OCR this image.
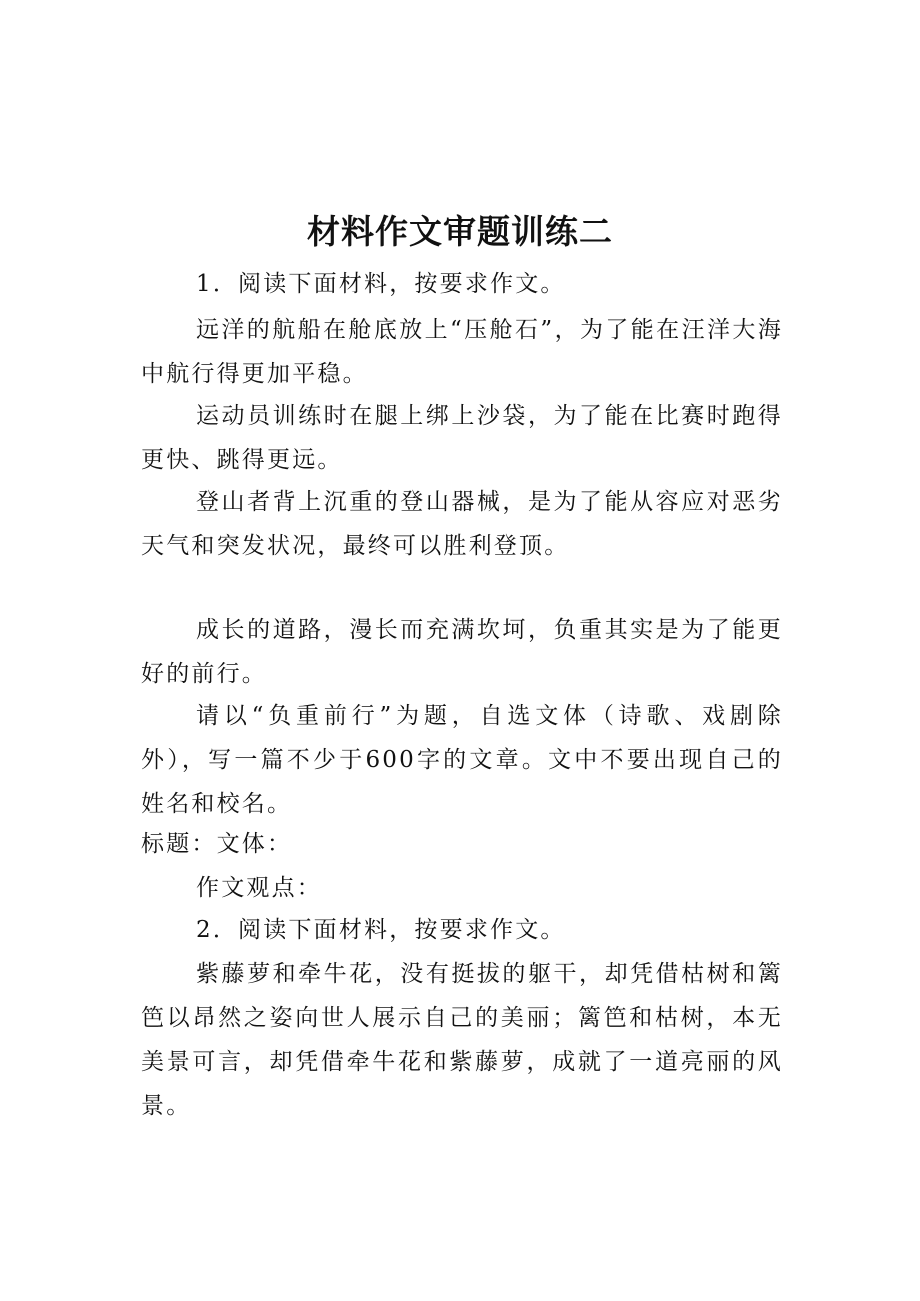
材料作文审题训练二

1．阅读下面材料，按要求作文。

远洋的航船在舱底放上“压舱石”，为了能在汪洋大海中航行得更加平稳。

运动员训练时在腿上绑上沙袋，为了能在比赛时跑得更快、跳得更远。

登山者背上沉重的登山器械，是为了能从容应对恶劣天气和突发状况，最终可以胜利登顶。

成长的道路，漫长而充满坎坷，负重其实是为了能更好的前行。

请以“负重前行”为题，自选文体（诗歌、戏剧除外），写一篇不少于600字的文章。文中不要出现自己的姓名和校名。

标题：文体：

作文观点：

2．阅读下面材料，按要求作文。

紫藤萝和牵牛花，没有挺拔的躯干，却凭借枯树和篱笆以昂然之姿向世人展示自己的美丽；篱笆和枯树，本无美景可言，却凭借牵牛花和紫藤萝，成就了一道亮丽的风景。
